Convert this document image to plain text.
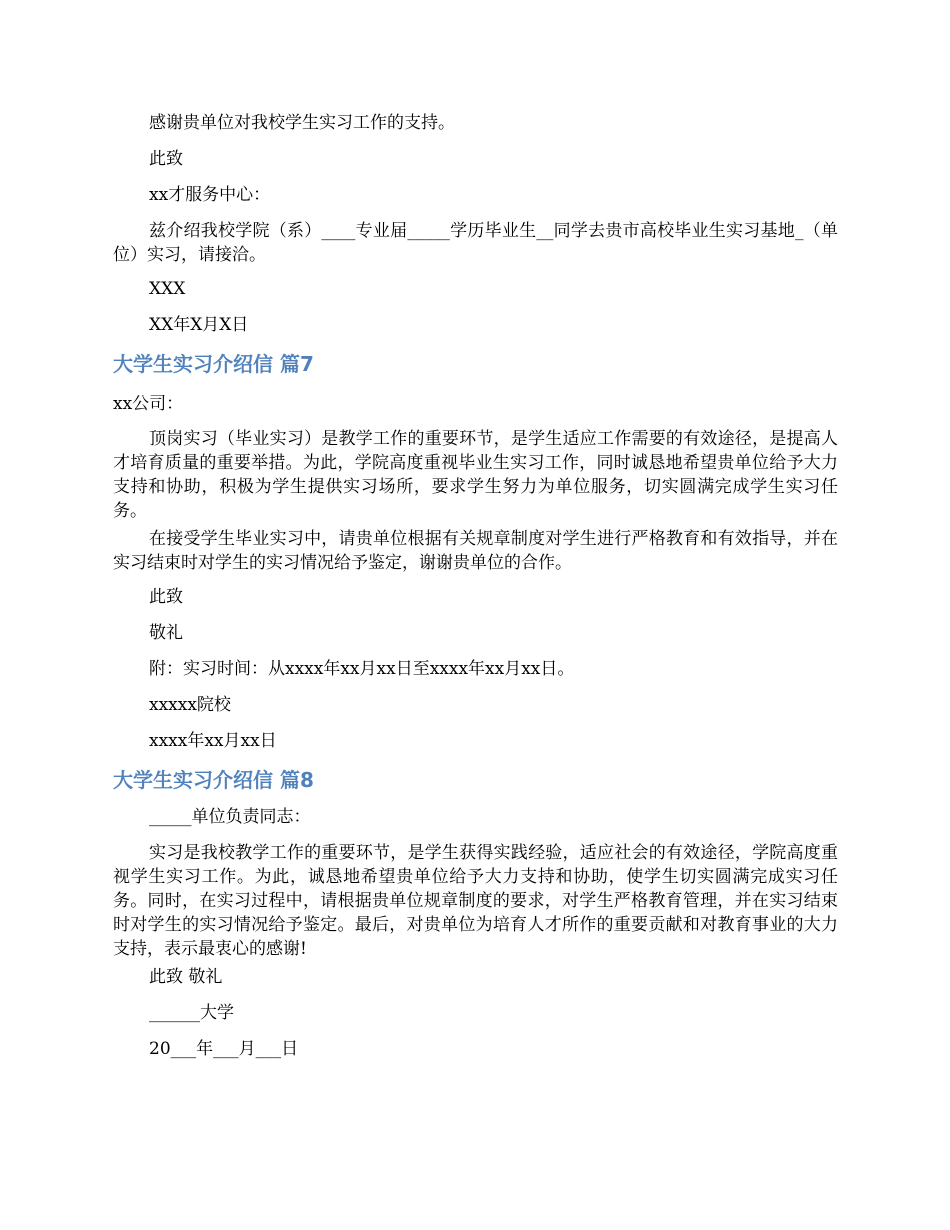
感谢贵单位对我校学生实习工作的支持。

此致

xx才服务中心：

兹介绍我校学院（系）____专业届_____学历毕业生__同学去贵市高校毕业生实习基地_（单位）实习，请接洽。

XXX

XX年X月X日

大学生实习介绍信 篇7

xx公司：

顶岗实习（毕业实习）是教学工作的重要环节，是学生适应工作需要的有效途径，是提高人才培育质量的重要举措。为此，学院高度重视毕业生实习工作，同时诚恳地希望贵单位给予大力支持和协助，积极为学生提供实习场所，要求学生努力为单位服务，切实圆满完成学生实习任务。

在接受学生毕业实习中，请贵单位根据有关规章制度对学生进行严格教育和有效指导，并在实习结束时对学生的实习情况给予鉴定，谢谢贵单位的合作。

此致

敬礼

附：实习时间：从xxxx年xx月xx日至xxxx年xx月xx日。

xxxxx院校

xxxx年xx月xx日

大学生实习介绍信 篇8

_____单位负责同志：

实习是我校教学工作的重要环节，是学生获得实践经验，适应社会的有效途径，学院高度重视学生实习工作。为此，诚恳地希望贵单位给予大力支持和协助，使学生切实圆满完成实习任务。同时，在实习过程中，请根据贵单位规章制度的要求，对学生严格教育管理，并在实习结束时对学生的实习情况给予鉴定。最后，对贵单位为培育人才所作的重要贡献和对教育事业的大力支持，表示最衷心的感谢!

此致 敬礼

______大学

20___年___月___日
